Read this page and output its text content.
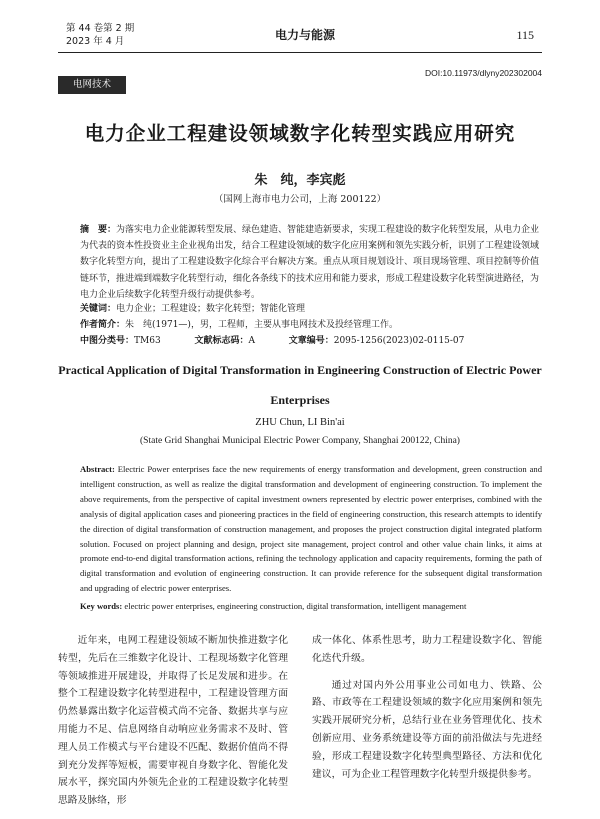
第 44 卷第 2 期
2023 年 4 月	电力与能源	115
DOI:10.11973/dlyny202302004
电网技术
电力企业工程建设领域数字化转型实践应用研究
朱　纯，李宾彪
（国网上海市电力公司，上海 200122）
摘　要：为落实电力企业能源转型发展、绿色建造、智能建造新要求，实现工程建设的数字化转型发展，从电力企业为代表的资本性投资业主企业视角出发，结合工程建设领域的数字化应用案例和领先实践分析，识别了工程建设领域数字化转型方向，提出了工程建设数字化综合平台解决方案。重点从项目规划设计、项目现场管理、项目控制等价值链环节，推进端到端数字化转型行动，细化各条线下的技术应用和能力要求，形成工程建设数字化转型演进路径，为电力企业后续数字化转型升级行动提供参考。
关键词：电力企业；工程建设；数字化转型；智能化管理
作者简介：朱　纯(1971—)，男，工程师，主要从事电网技术及投经管理工作。
中图分类号：TM63	文献标志码：A	文章编号：2095-1256(2023)02-0115-07
Practical Application of Digital Transformation in Engineering Construction of Electric Power Enterprises
ZHU Chun, LI Bin'ai
(State Grid Shanghai Municipal Electric Power Company, Shanghai 200122, China)
Abstract: Electric Power enterprises face the new requirements of energy transformation and development, green construction and intelligent construction, as well as realize the digital transformation and development of engineering construction. To implement the above requirements, from the perspective of capital investment owners represented by electric power enterprises, combined with the analysis of digital application cases and pioneering practices in the field of engineering construction, this research attempts to identify the direction of digital transformation of construction management, and proposes the project construction digital integrated platform solution. Focused on project planning and design, project site management, project control and other value chain links, it aims at promote end-to-end digital transformation actions, refining the technology application and capacity requirements, forming the path of digital transformation and evolution of engineering construction. It can provide reference for the subsequent digital transformation and upgrading of electric power enterprises.
Key words: electric power enterprises, engineering construction, digital transformation, intelligent management

近年来，电网工程建设领域不断加快推进数字化转型，先后在三维数字化设计、工程现场数字化管理等领域推进开展建设，并取得了长足发展和进步。在整个工程建设数字化转型进程中，工程建设管理方面仍然暴露出数字化运营模式尚不完备、数据共享与应用能力不足、信息网络自动响应业务需求不及时、管理人员工作模式与平台建设不匹配、数据价值尚不得到充分发挥等短板，需要审视自身数字化、智能化发展水平，探究国内外领先企业的工程建设数字化转型思路及脉络，形

成一体化、体系性思考，助力工程建设数字化、智能化迭代升级。

通过对国内外公用事业公司如电力、铁路、公路、市政等在工程建设领域的数字化应用案例和领先实践开展研究分析，总结行业在业务管理优化、技术创新应用、业务系统建设等方面的前沿做法与先进经验，形成工程建设数字化转型典型路径、方法和优化建议，可为企业工程管理数字化转型升级提供参考。
